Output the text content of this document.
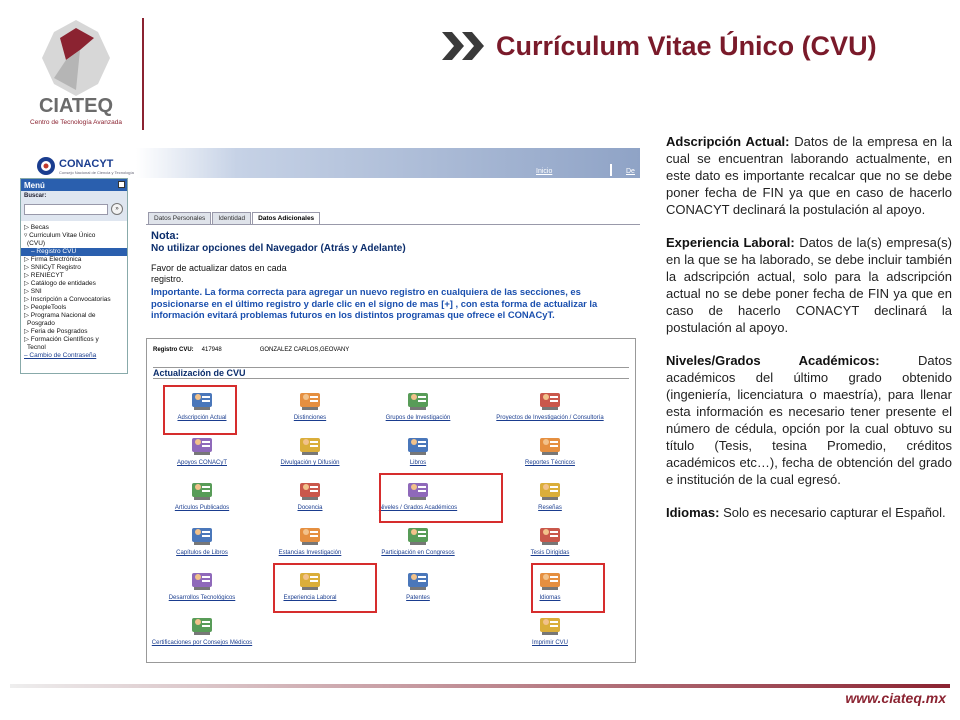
CIATEQ
Centro de Tecnología Avanzada
Currículum Vitae Único (CVU)
Inicio	De
CONACYT
Consejo Nacional de Ciencia y Tecnología
Menú
Buscar:
»
▷ Becas
▿ Curriculum Vitae Único
(CVU)
– Registro CVU
▷ Firma Electrónica
▷ SNIiCyT Registro
▷ RENIECYT
▷ Catálogo de entidades
▷ SNI
▷ Inscripción a Convocatorias
▷ PeopleTools
▷ Programa Nacional de
Posgrado
▷ Feria de Posgrados
▷ Formación Científicos y
Tecnol
– Cambio de Contraseña
Datos Personales	Identidad	Datos Adicionales
Nota:
No utilizar opciones del Navegador (Atrás y Adelante)
Favor de actualizar datos en cada registro.
Importante. La forma correcta para agregar un nuevo registro en cualquiera de las secciones, es posicionarse en el último registro y darle clic en el signo de mas [+] , con esta forma de actualizar la información evitará problemas futuros en los distintos programas que ofrece el CONACyT.
Registro CVU: 417948	GONZALEZ CARLOS,GEOVANY
Actualización de CVU
Adscripción Actual	Distinciones	Grupos de Investigación	Proyectos de Investigación / Consultoría
Apoyos CONACyT	Divulgación y Difusión	Libros	Reportes Técnicos
Artículos Publicados	Docencia	Niveles / Grados Académicos	Reseñas
Capítulos de Libros	Estancias Investigación	Participación en Congresos	Tesis Dirigidas
Desarrollos Tecnológicos	Experiencia Laboral	Patentes	Idiomas
Certificaciones por Consejos Médicos	Imprimir CVU

Adscripción Actual: Datos de la empresa en la cual se encuentran laborando actualmente, en este dato es importante recalcar que no se debe poner fecha de FIN ya que en caso de hacerlo CONACYT declinará la postulación al apoyo.

Experiencia Laboral: Datos de la(s) empresa(s) en la que se ha laborado, se debe incluir también la adscripción actual, solo para la adscripción actual no se debe poner fecha de FIN ya que en caso de hacerlo CONACYT declinará la postulación al apoyo.

Niveles/Grados Académicos: Datos académicos del último grado obtenido (ingeniería, licenciatura o maestría), para llenar esta información es necesario tener presente el número de cédula, opción por la cual obtuvo su título (Tesis, tesina Promedio, créditos académicos etc…), fecha de obtención del grado e institución de la cual egresó.

Idiomas: Solo es necesario capturar el Español.

www.ciateq.mx
